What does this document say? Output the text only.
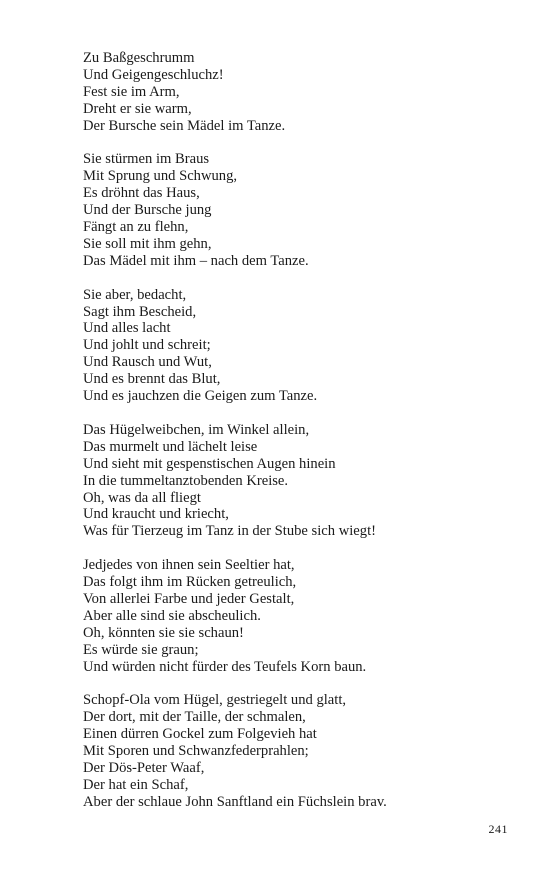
Zu Baßgeschrumm
Und Geigengeschluchz!
Fest sie im Arm,
Dreht er sie warm,
Der Bursche sein Mädel im Tanze.
Sie stürmen im Braus
Mit Sprung und Schwung,
Es dröhnt das Haus,
Und der Bursche jung
Fängt an zu flehn,
Sie soll mit ihm gehn,
Das Mädel mit ihm – nach dem Tanze.
Sie aber, bedacht,
Sagt ihm Bescheid,
Und alles lacht
Und johlt und schreit;
Und Rausch und Wut,
Und es brennt das Blut,
Und es jauchzen die Geigen zum Tanze.
Das Hügelweibchen, im Winkel allein,
Das murmelt und lächelt leise
Und sieht mit gespenstischen Augen hinein
In die tummeltanztobenden Kreise.
Oh, was da all fliegt
Und kraucht und kriecht,
Was für Tierzeug im Tanz in der Stube sich wiegt!
Jedjedes von ihnen sein Seeltier hat,
Das folgt ihm im Rücken getreulich,
Von allerlei Farbe und jeder Gestalt,
Aber alle sind sie abscheulich.
Oh, könnten sie sie schaun!
Es würde sie graun;
Und würden nicht fürder des Teufels Korn baun.
Schopf-Ola vom Hügel, gestriegelt und glatt,
Der dort, mit der Taille, der schmalen,
Einen dürren Gockel zum Folgevieh hat
Mit Sporen und Schwanzfederprahlen;
Der Dös-Peter Waaf,
Der hat ein Schaf,
Aber der schlaue John Sanftland ein Füchslein brav.
241
